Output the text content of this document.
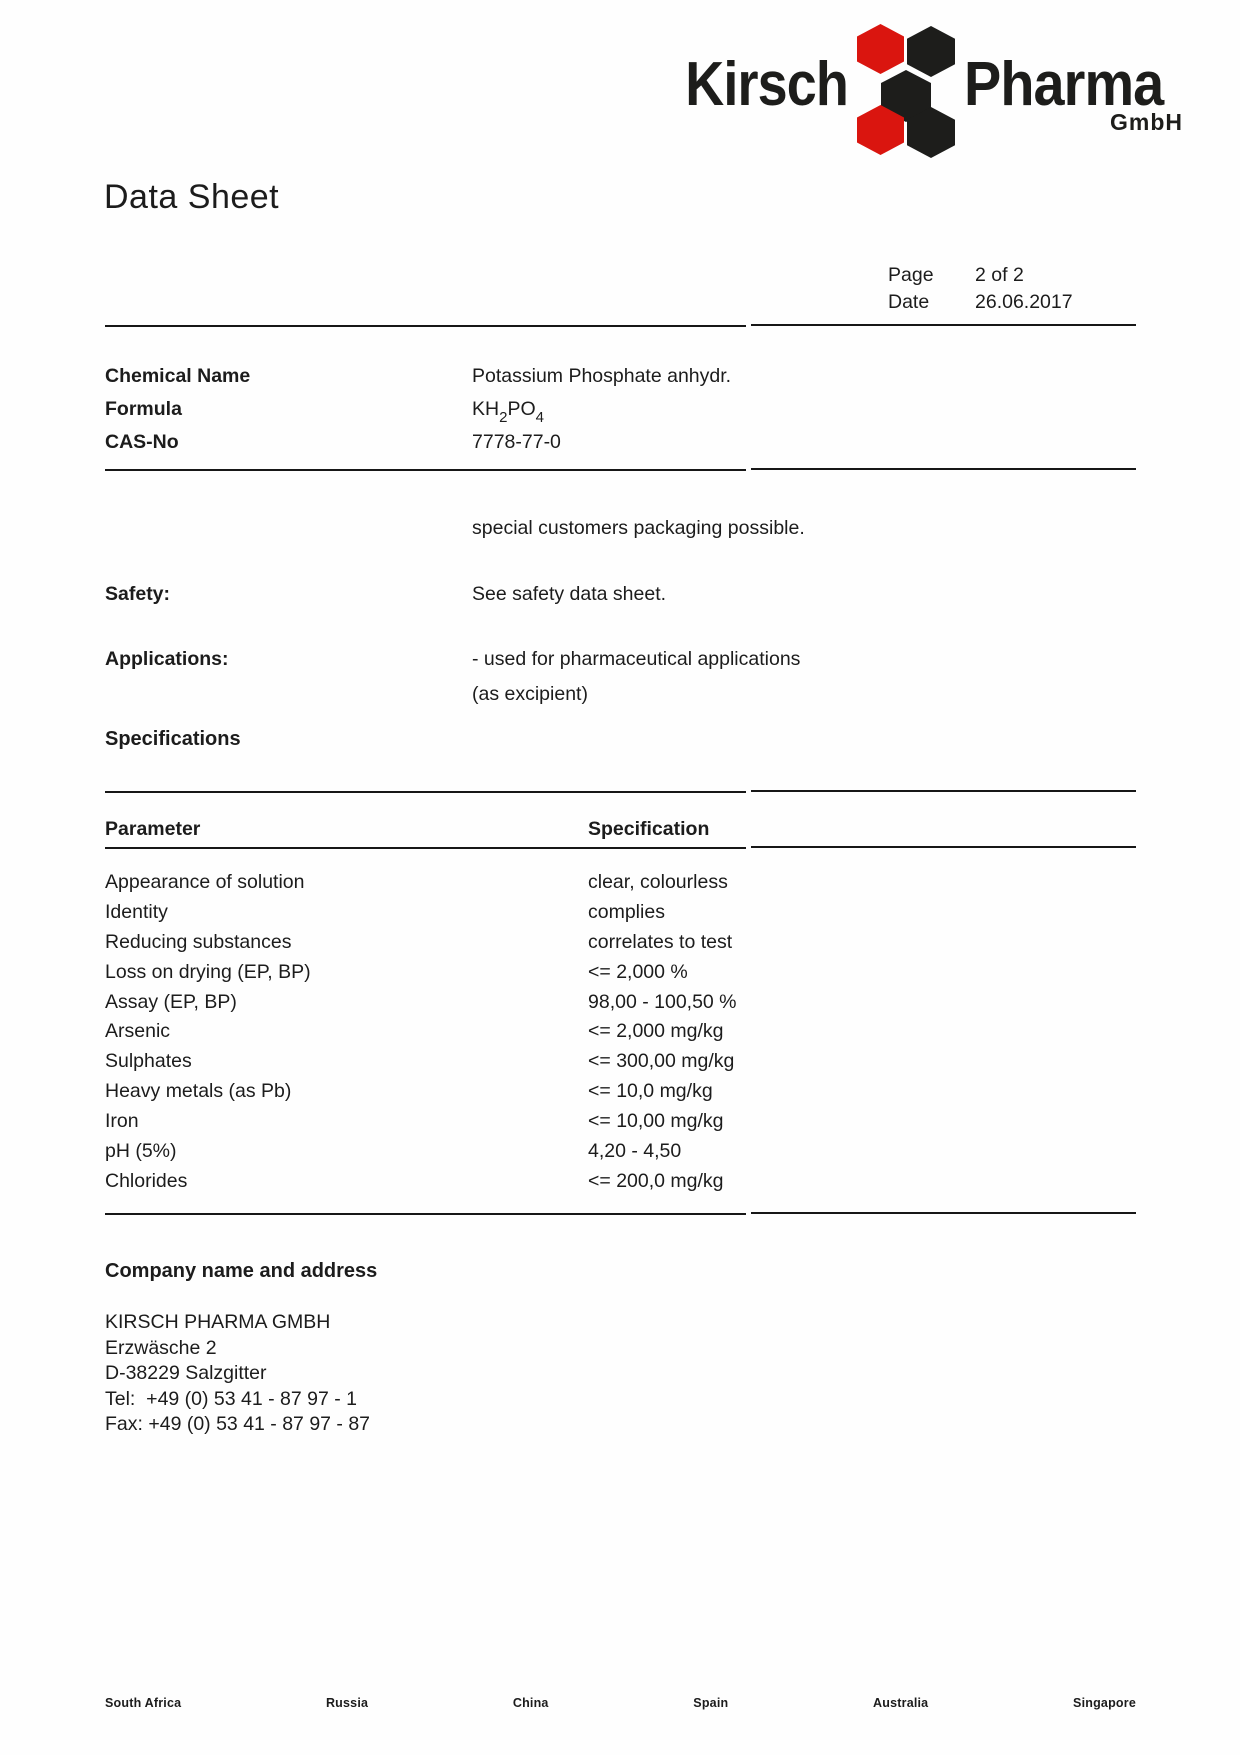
Kirsch Pharma
GmbH
Data Sheet
Page 2 of 2
Date 26.06.2017
Chemical Name	Potassium Phosphate anhydr.
Formula	$KH_2PO_4$
CAS-No	7778-77-0
special customers packaging possible.
Safety:	See safety data sheet.
Applications:	- used for pharmaceutical applications
(as excipient)
Specifications
Parameter	Specification
Appearance of solution	clear, colourless
Identity	complies
Reducing substances	correlates to test
Loss on drying (EP, BP)	<= 2,000 %
Assay (EP, BP)	98,00 - 100,50 %
Arsenic	<= 2,000 mg/kg
Sulphates	<= 300,00 mg/kg
Heavy metals (as Pb)	<= 10,0 mg/kg
Iron	<= 10,00 mg/kg
pH (5%)	4,20 - 4,50
Chlorides	<= 200,0 mg/kg
Company name and address
KIRSCH PHARMA GMBH
Erzwäsche 2
D-38229 Salzgitter
Tel:  +49 (0) 53 41 - 87 97 - 1
Fax: +49 (0) 53 41 - 87 97 - 87
South Africa	Russia	China	Spain	Australia	Singapore
